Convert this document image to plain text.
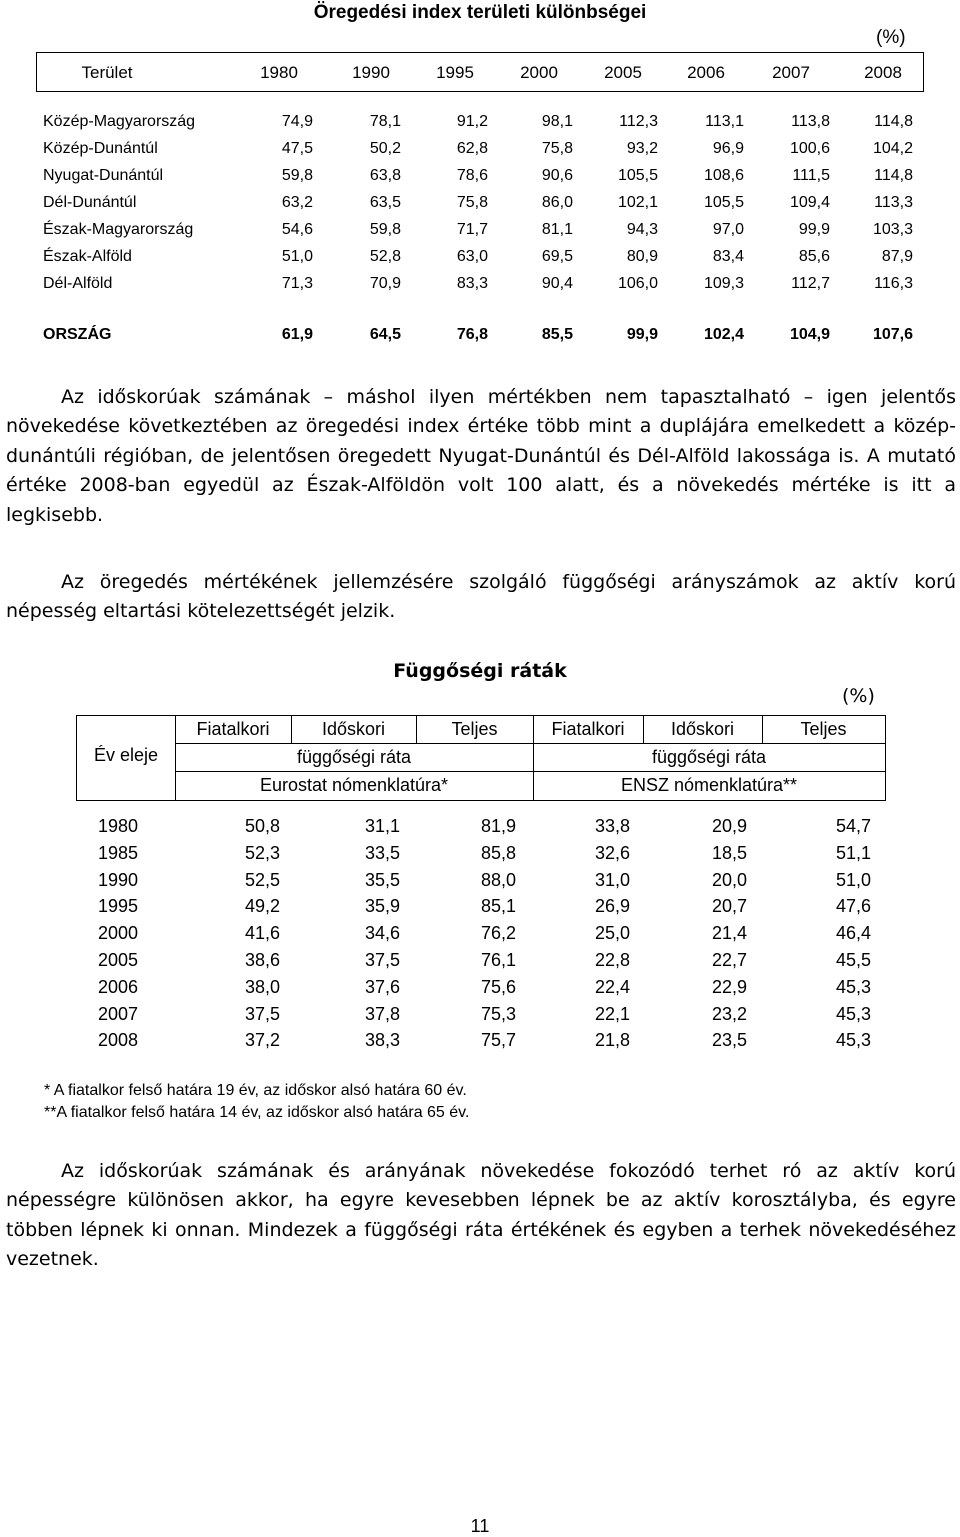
Öregedési index területi különbségei
(%)
Terület	1980	1990	1995	2000	2005	2006	2007	2008
Közép-Magyarország	74,9	78,1	91,2	98,1	112,3	113,1	113,8	114,8
Közép-Dunántúl	47,5	50,2	62,8	75,8	93,2	96,9	100,6	104,2
Nyugat-Dunántúl	59,8	63,8	78,6	90,6	105,5	108,6	111,5	114,8
Dél-Dunántúl	63,2	63,5	75,8	86,0	102,1	105,5	109,4	113,3
Észak-Magyarország	54,6	59,8	71,7	81,1	94,3	97,0	99,9	103,3
Észak-Alföld	51,0	52,8	63,0	69,5	80,9	83,4	85,6	87,9
Dél-Alföld	71,3	70,9	83,3	90,4	106,0	109,3	112,7	116,3
ORSZÁG	61,9	64,5	76,8	85,5	99,9	102,4	104,9	107,6

Az időskorúak számának – máshol ilyen mértékben nem tapasztalható – igen jelentős növekedése következtében az öregedési index értéke több mint a duplájára emelkedett a közép-dunántúli régióban, de jelentősen öregedett Nyugat-Dunántúl és Dél-Alföld lakossága is. A mutató értéke 2008-ban egyedül az Észak-Alföldön volt 100 alatt, és a növekedés mértéke is itt a legkisebb.

Az öregedés mértékének jellemzésére szolgáló függőségi arányszámok az aktív korú népesség eltartási kötelezettségét jelzik.

Függőségi ráták
(%)
Év eleje
Fiatalkori	Időskori	Teljes	Fiatalkori	Időskori	Teljes
függőségi ráta	függőségi ráta
Eurostat nómenklatúra*	ENSZ nómenklatúra**
1980	50,8	31,1	81,9	33,8	20,9	54,7
1985	52,3	33,5	85,8	32,6	18,5	51,1
1990	52,5	35,5	88,0	31,0	20,0	51,0
1995	49,2	35,9	85,1	26,9	20,7	47,6
2000	41,6	34,6	76,2	25,0	21,4	46,4
2005	38,6	37,5	76,1	22,8	22,7	45,5
2006	38,0	37,6	75,6	22,4	22,9	45,3
2007	37,5	37,8	75,3	22,1	23,2	45,3
2008	37,2	38,3	75,7	21,8	23,5	45,3
* A fiatalkor felső határa 19 év, az időskor alsó határa 60 év.
**A fiatalkor felső határa 14 év, az időskor alsó határa 65 év.

Az időskorúak számának és arányának növekedése fokozódó terhet ró az aktív korú népességre különösen akkor, ha egyre kevesebben lépnek be az aktív korosztályba, és egyre többen lépnek ki onnan. Mindezek a függőségi ráta értékének és egyben a terhek növekedéséhez vezetnek.

11
